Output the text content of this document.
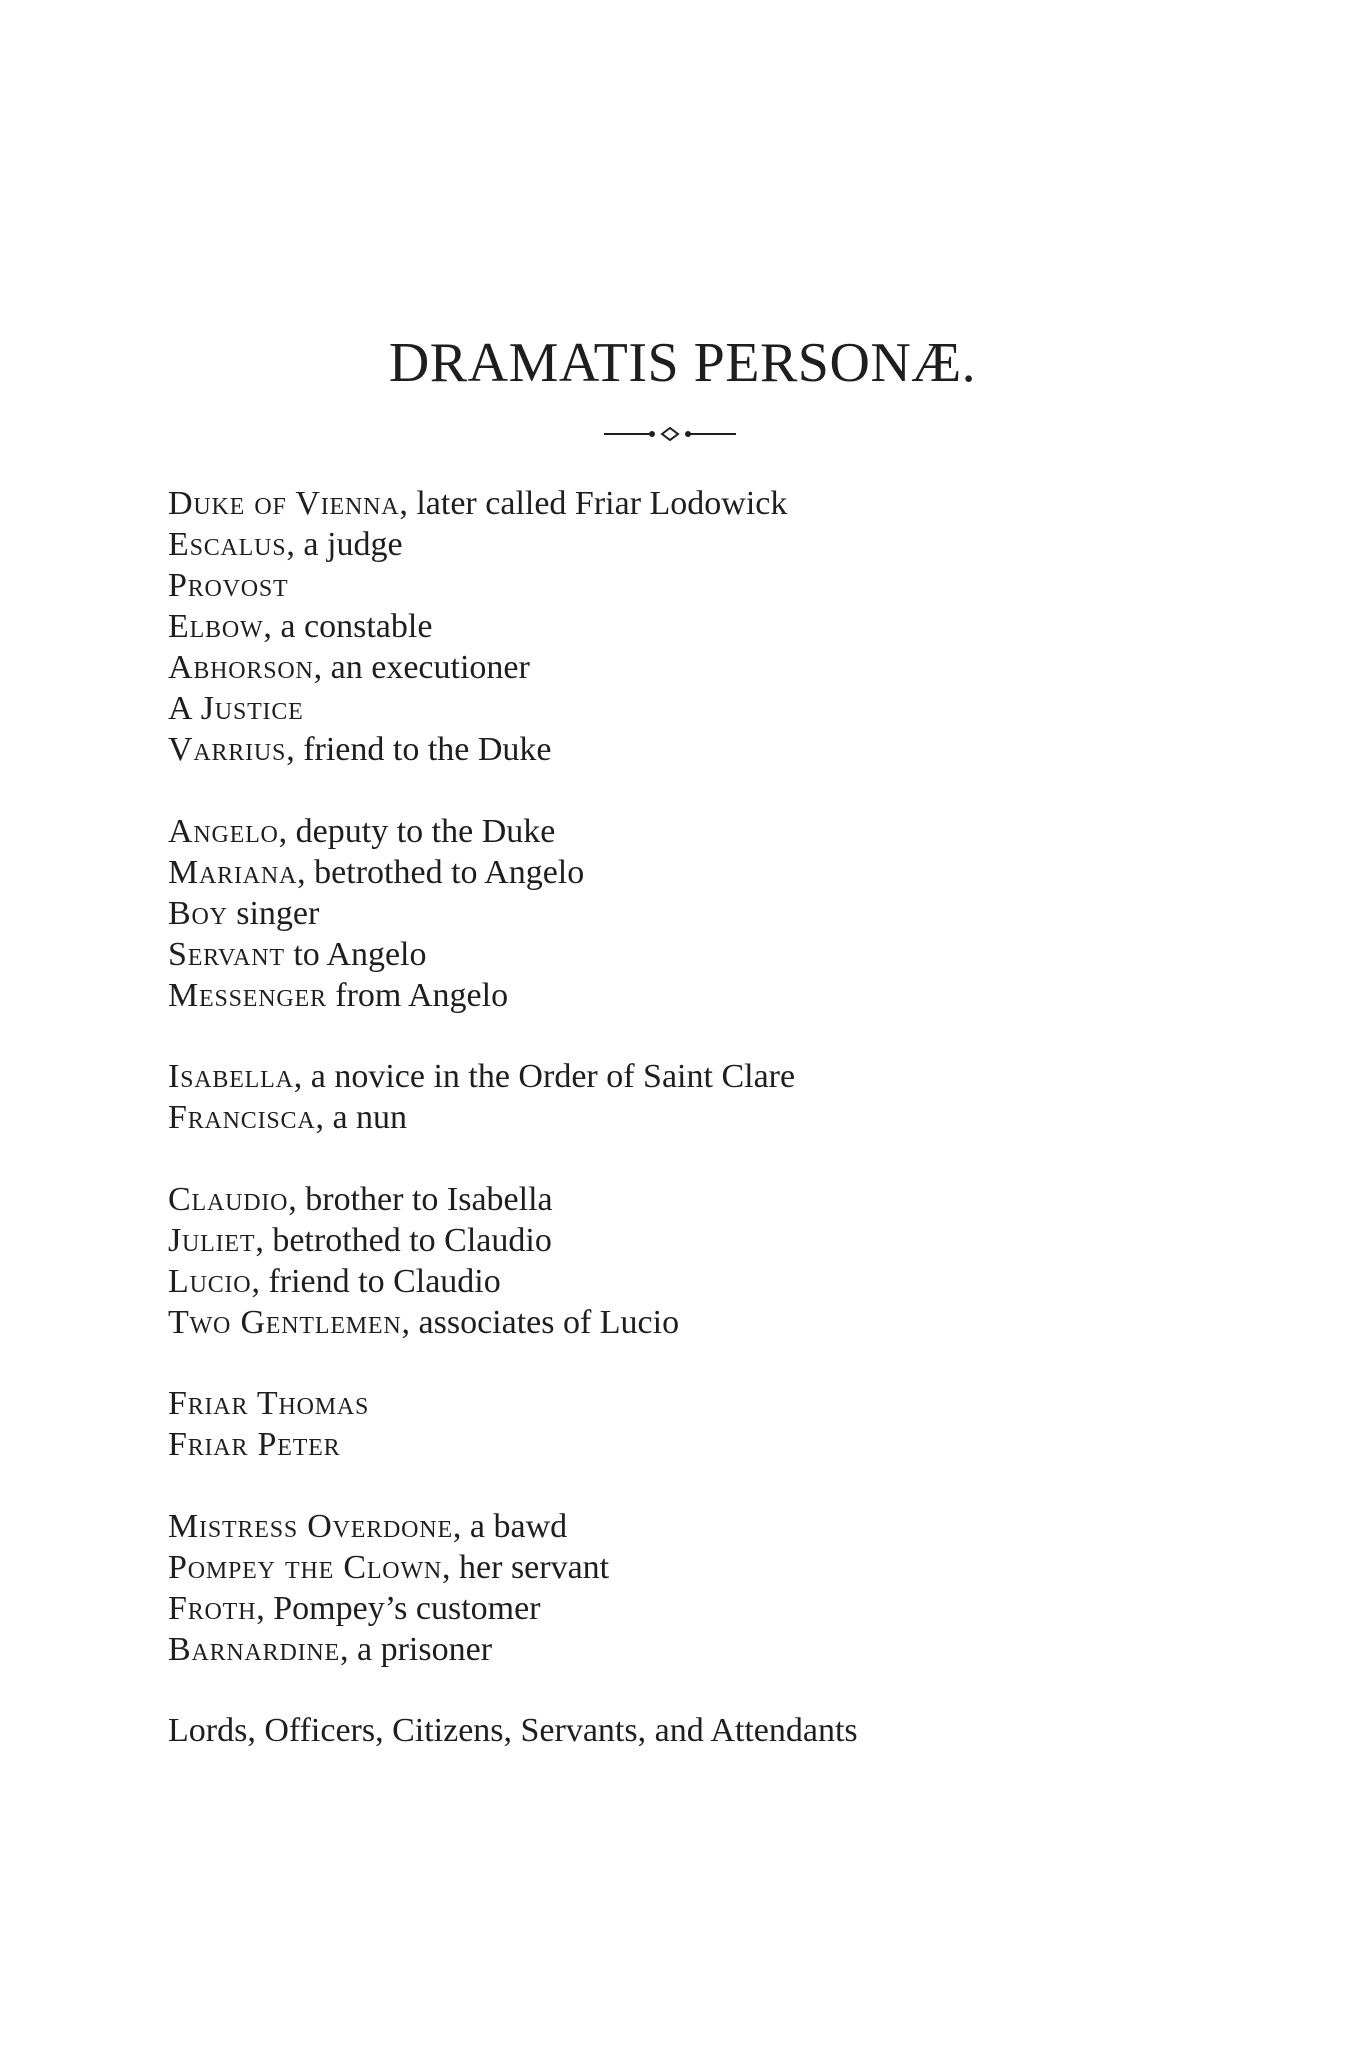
DRAMATIS PERSONÆ.
Duke of Vienna, later called Friar Lodowick
Escalus, a judge
Provost
Elbow, a constable
Abhorson, an executioner
A Justice
Varrius, friend to the Duke
Angelo, deputy to the Duke
Mariana, betrothed to Angelo
Boy singer
Servant to Angelo
Messenger from Angelo
Isabella, a novice in the Order of Saint Clare
Francisca, a nun
Claudio, brother to Isabella
Juliet, betrothed to Claudio
Lucio, friend to Claudio
Two Gentlemen, associates of Lucio
Friar Thomas
Friar Peter
Mistress Overdone, a bawd
Pompey the Clown, her servant
Froth, Pompey’s customer
Barnardine, a prisoner
Lords, Officers, Citizens, Servants, and Attendants
